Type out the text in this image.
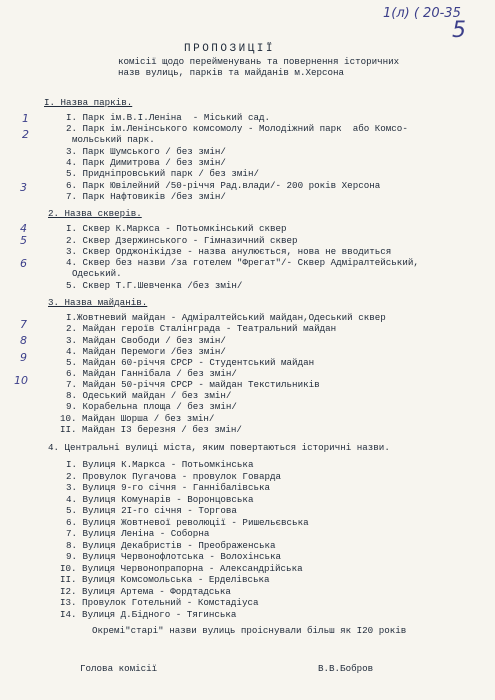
1(л) ( 20-35
5
ПРОПОЗИЦІЇ
комісії щодо перейменувань та повернення історичних
назв вулиць, парків та майданів м.Херсона
1
2
3
4
5
6
7
8
9
10
I. Назва парків.
I. Парк ім.В.І.Леніна  - Міський сад.
2. Парк ім.Ленінського комсомолу - Молодіжний парк  або Комсо-
мольський парк.
3. Парк Шумського / без змін/
4. Парк Димитрова / без змін/
5. Придніпровський парк / без змін/
6. Парк Ювілейний /50-річчя Рад.влади/- 200 років Херсона
7. Парк Нафтовиків /без змін/
2. Назва скверів.
I. Сквер К.Маркса - Потьомкінський сквер
2. Сквер Дзержинського - Гімназичний сквер
3. Сквер Орджонікідзе - назва анулюється, нова не вводиться
4. Сквер без назви /за готелем "Фрегат"/- Сквер Адміралтейський,
Одеський.
5. Сквер Т.Г.Шевченка /без змін/
3. Назва майданів.
I.Жовтневий майдан - Адміралтейський майдан,Одеський сквер
2. Майдан героїв Сталінграда - Театральний майдан
3. Майдан Свободи / без змін/
4. Майдан Перемоги /без змін/
5. Майдан 60-річчя СРСР - Студентський майдан
6. Майдан Ганнібала / без змін/
7. Майдан 50-річчя СРСР - майдан Текстильників
8. Одеський майдан / без змін/
9. Корабельна площа / без змін/
10. Майдан Шорша / без змін/
II. Майдан I3 березня / без змін/
4. Центральні вулиці міста, яким повертаються історичні назви.
I. Вулиця К.Маркса - Потьомкінська
2. Провулок Пугачова - провулок Говарда
3. Вулиця 9-го січня - Ганнібалівська
4. Вулиця Комунарів - Воронцовська
5. Вулиця 2I-го січня - Торгова
6. Вулиця Жовтневої революції - Ришельєвська
7. Вулиця Леніна - Соборна
8. Вулиця Декабристів - Преображенська
9. Вулиця Червонофлотська - Волохінська
I0. Вулиця Червонопрапорна - Александрійська
II. Вулиця Комсомольська - Ерделівська
I2. Вулиця Артема - Фордтадська
I3. Провулок Готельний - Комстадіуса
I4. Вулиця Д.Бідного - Тягинська
Окремі"старі" назви вулиць проіснували більш як I20 років
Голова комісії	В.В.Бобров
